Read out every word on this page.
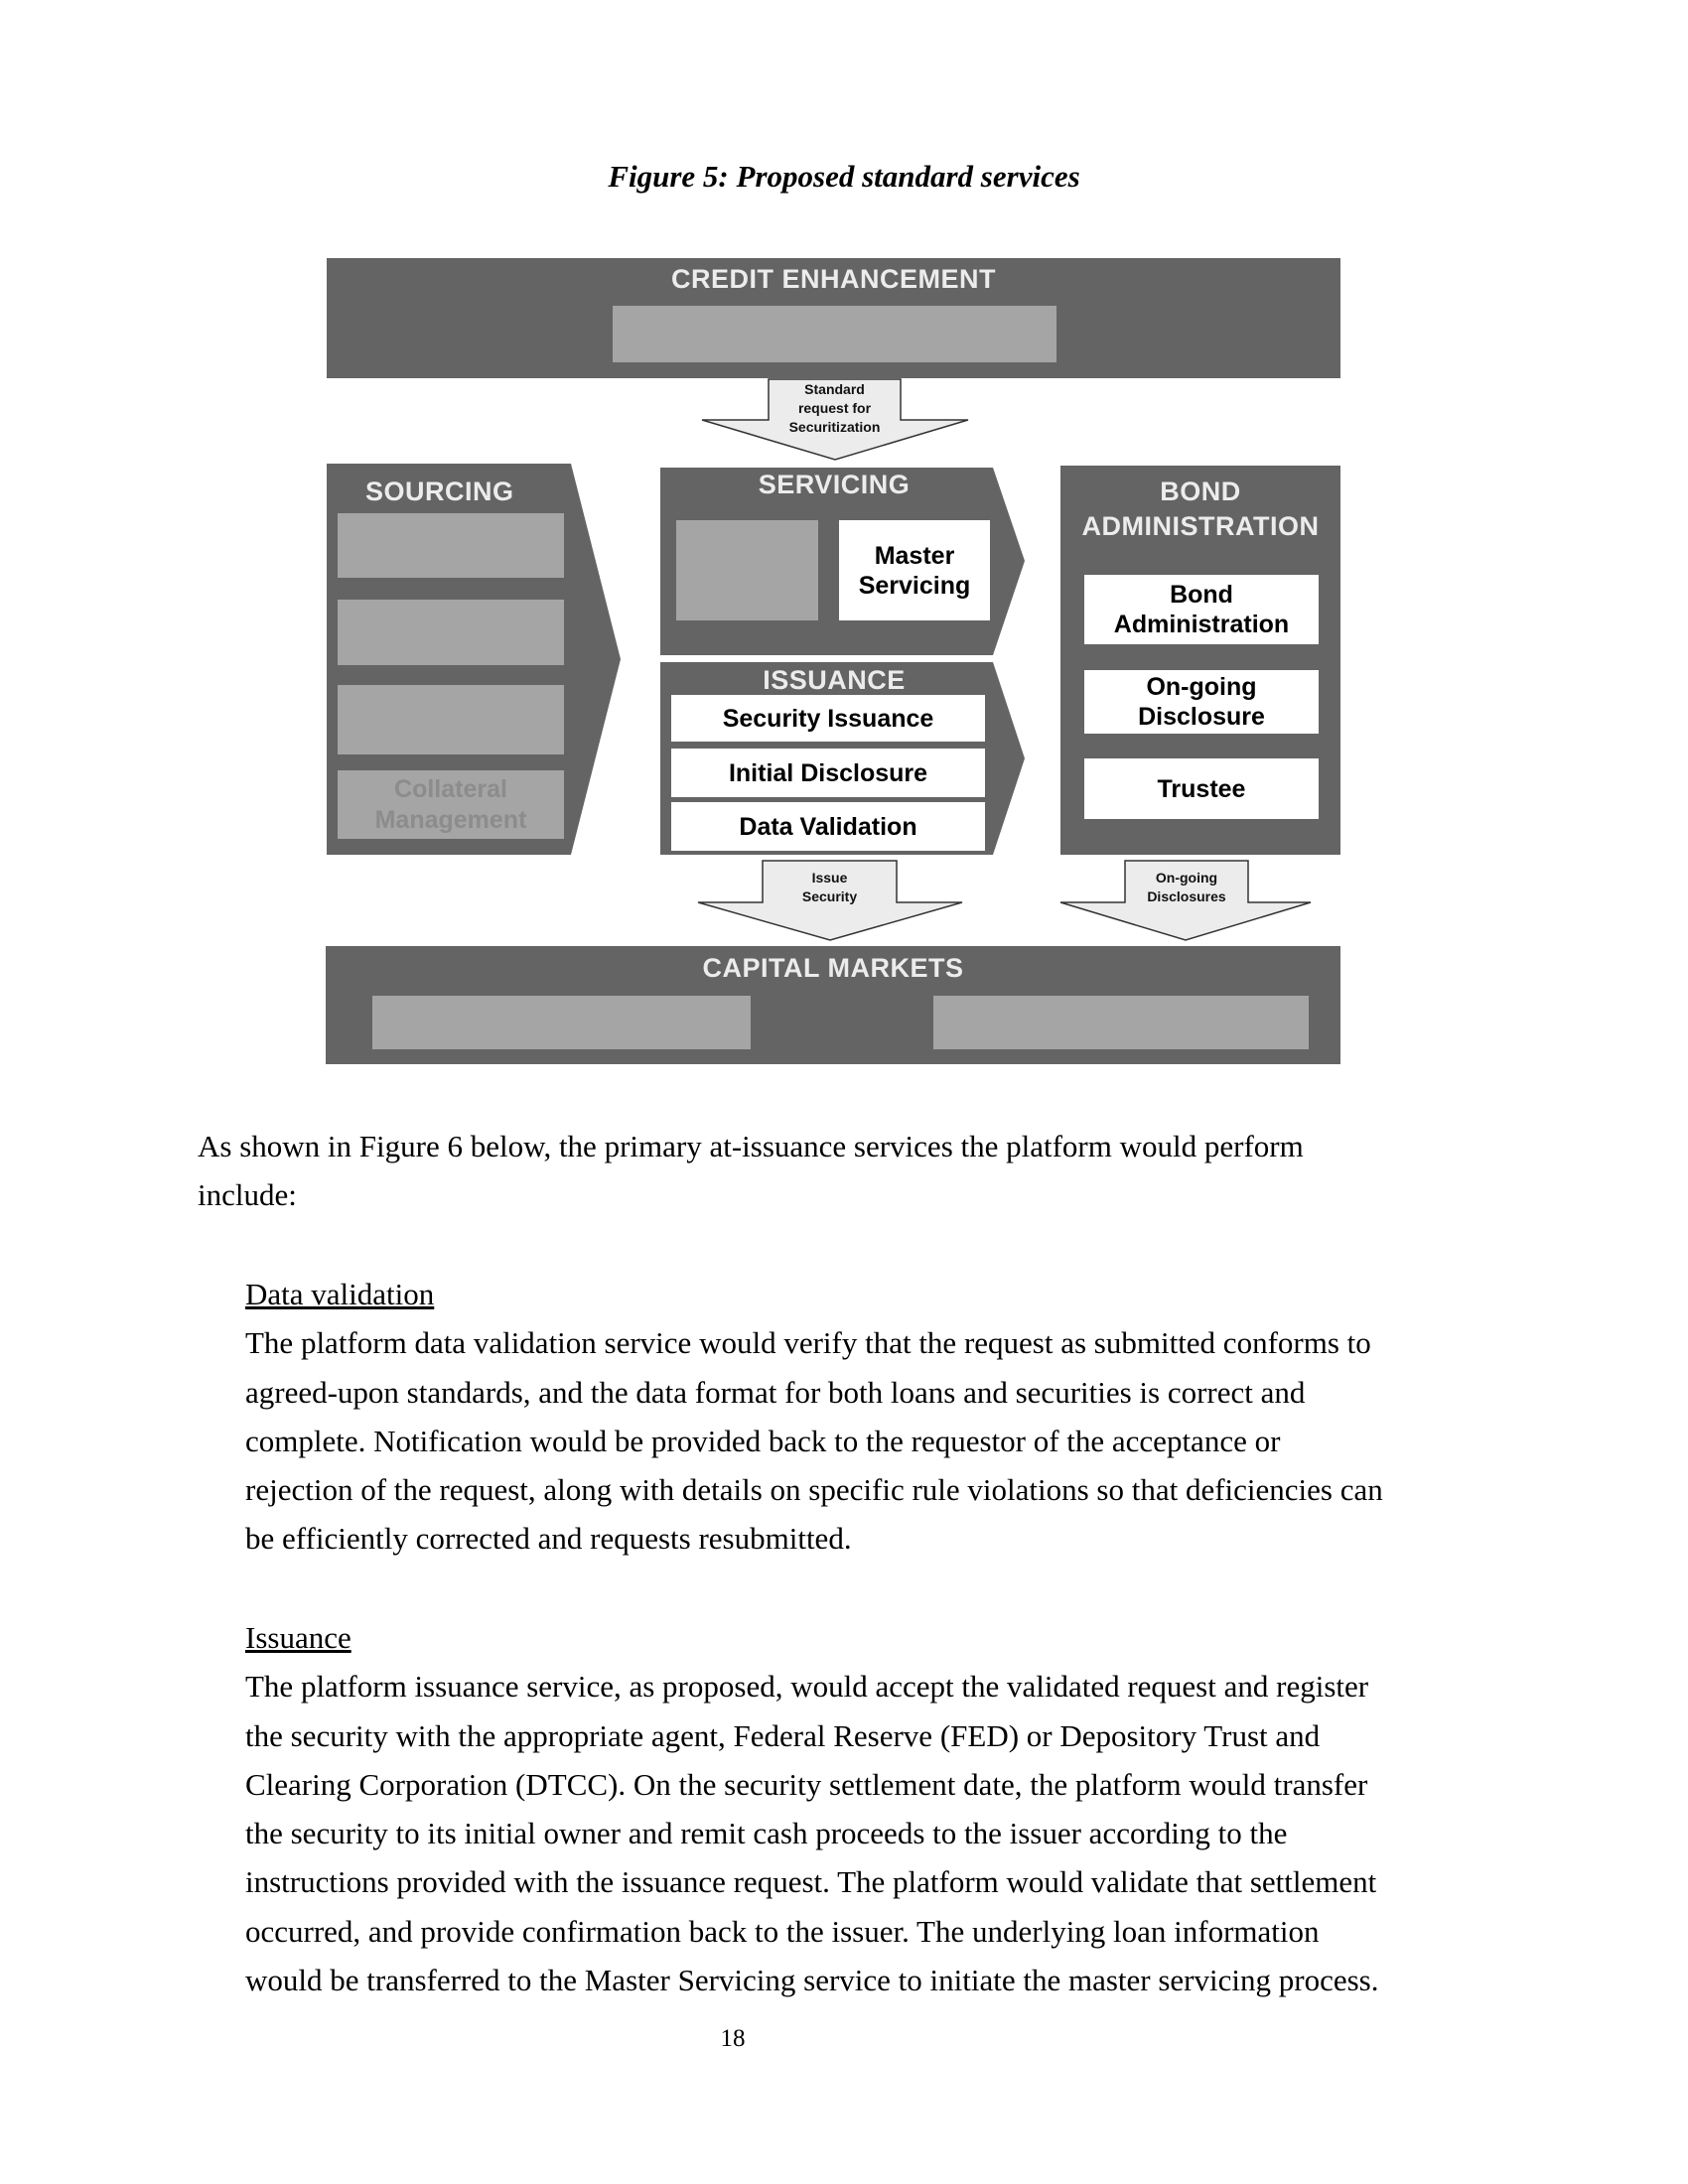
Figure 5: Proposed standard services
CREDIT ENHANCEMENT
Standard
request for
Securitization
SOURCING
Collateral
Management
SERVICING
Master
Servicing
ISSUANCE
Security Issuance
Initial Disclosure
Data Validation
BOND
ADMINISTRATION
Bond
Administration
On-going
Disclosure
Trustee
Issue
Security
On-going
Disclosures
CAPITAL MARKETS
As shown in Figure 6 below, the primary at-issuance services the platform would perform
include:
Data validation
The platform data validation service would verify that the request as submitted conforms to
agreed-upon standards, and the data format for both loans and securities is correct and
complete. Notification would be provided back to the requestor of the acceptance or
rejection of the request, along with details on specific rule violations so that deficiencies can
be efficiently corrected and requests resubmitted.
Issuance
The platform issuance service, as proposed, would accept the validated request and register
the security with the appropriate agent, Federal Reserve (FED) or Depository Trust and
Clearing Corporation (DTCC). On the security settlement date, the platform would transfer
the security to its initial owner and remit cash proceeds to the issuer according to the
instructions provided with the issuance request. The platform would validate that settlement
occurred, and provide confirmation back to the issuer. The underlying loan information
would be transferred to the Master Servicing service to initiate the master servicing process.
18
